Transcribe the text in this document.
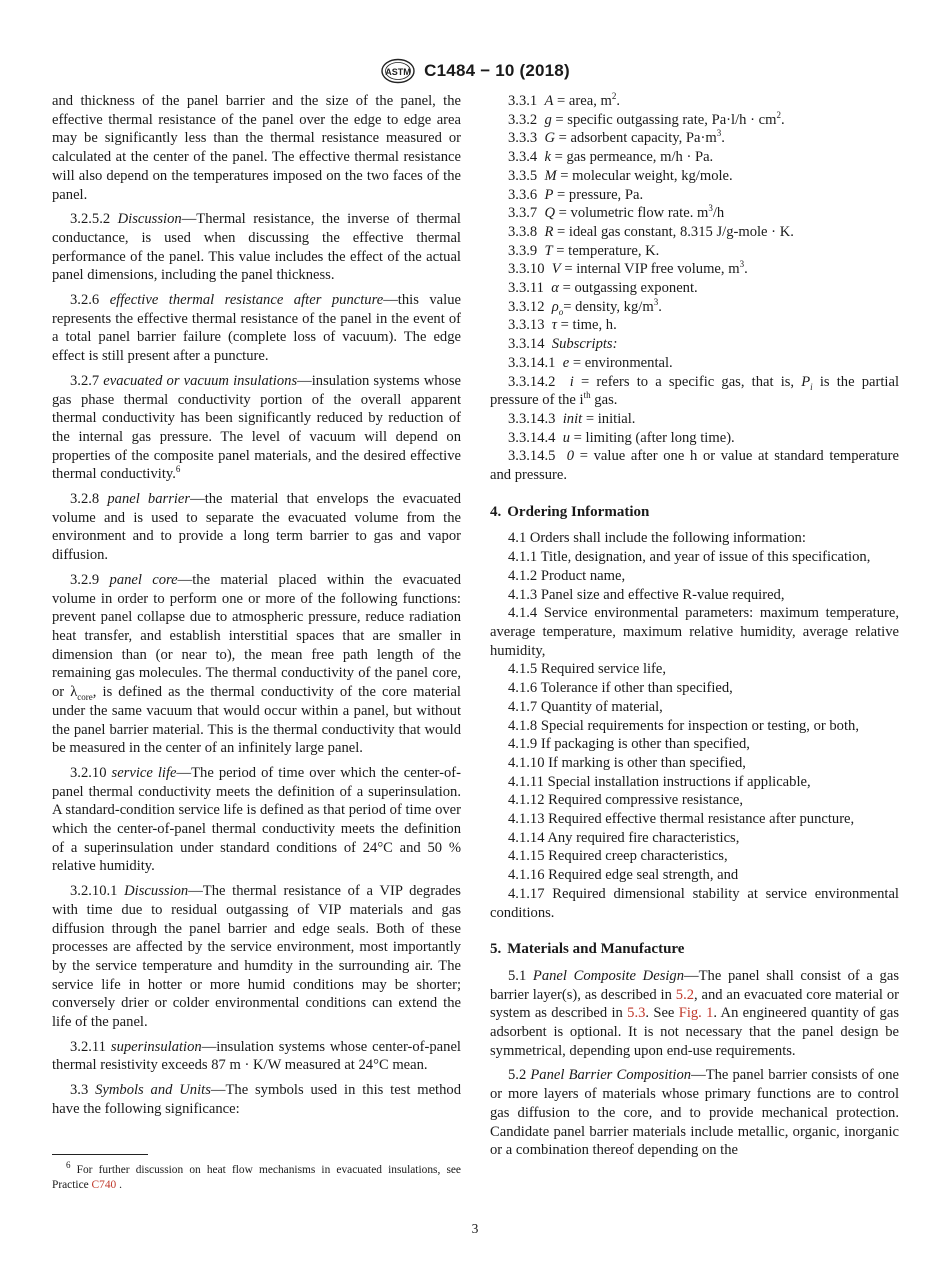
ASTM C1484 − 10 (2018)

and thickness of the panel barrier and the size of the panel, the effective thermal resistance of the panel over the edge to edge area may be significantly less than the thermal resistance measured or calculated at the center of the panel. The effective thermal resistance will also depend on the temperatures imposed on the two faces of the panel.

3.2.5.2 Discussion—Thermal resistance, the inverse of thermal conductance, is used when discussing the effective thermal performance of the panel. This value includes the effect of the actual panel dimensions, including the panel thickness.

3.2.6 effective thermal resistance after puncture—this value represents the effective thermal resistance of the panel in the event of a total panel barrier failure (complete loss of vacuum). The edge effect is still present after a puncture.

3.2.7 evacuated or vacuum insulations—insulation systems whose gas phase thermal conductivity portion of the overall apparent thermal conductivity has been significantly reduced by reduction of the internal gas pressure. The level of vacuum will depend on properties of the composite panel materials, and the desired effective thermal conductivity.$^6$

3.2.8 panel barrier—the material that envelops the evacuated volume and is used to separate the evacuated volume from the environment and to provide a long term barrier to gas and vapor diffusion.

3.2.9 panel core—the material placed within the evacuated volume in order to perform one or more of the following functions: prevent panel collapse due to atmospheric pressure, reduce radiation heat transfer, and establish interstitial spaces that are smaller in dimension than (or near to), the mean free path length of the remaining gas molecules. The thermal conductivity of the panel core, or $\lambda_{core}$, is defined as the thermal conductivity of the core material under the same vacuum that would occur within a panel, but without the panel barrier material. This is the thermal conductivity that would be measured in the center of an infinitely large panel.

3.2.10 service life—The period of time over which the center-of-panel thermal conductivity meets the definition of a superinsulation. A standard-condition service life is defined as that period of time over which the center-of-panel thermal conductivity meets the definition of a superinsulation under standard conditions of 24°C and 50 % relative humidity.

3.2.10.1 Discussion—The thermal resistance of a VIP degrades with time due to residual outgassing of VIP materials and gas diffusion through the panel barrier and edge seals. Both of these processes are affected by the service environment, most importantly by the service temperature and humdity in the surrounding air. The service life in hotter or more humid conditions may be shorter; conversely drier or colder environmental conditions can extend the life of the panel.

3.2.11 superinsulation—insulation systems whose center-of-panel thermal resistivity exceeds 87 m · K/W measured at 24°C mean.

3.3 Symbols and Units—The symbols used in this test method have the following significance:

$^6$ For further discussion on heat flow mechanisms in evacuated insulations, see Practice C740 .

3.3.1 A = area, $m^2$.

3.3.2 g = specific outgassing rate, $Pa\cdot l/h \cdot cm^2$.

3.3.3 G = adsorbent capacity, $Pa\cdot m^3$.

3.3.4 k = gas permeance, m/h · Pa.

3.3.5 M = molecular weight, kg/mole.

3.3.6 P = pressure, Pa.

3.3.7 Q = volumetric flow rate. $m^3/h$

3.3.8 R = ideal gas constant, 8.315 J/g-mole · K.

3.3.9 T = temperature, K.

3.3.10 V = internal VIP free volume, $m^3$.

3.3.11 α = outgassing exponent.

3.3.12 $\rho_o=$ density, $kg/m^3$.

3.3.13 τ = time, h.

3.3.14 Subscripts:

3.3.14.1 e = environmental.

3.3.14.2 i = refers to a specific gas, that is, $P_i$ is the partial pressure of the $i^{th}$ gas.

3.3.14.3 init = initial.

3.3.14.4 u = limiting (after long time).

3.3.14.5 0 = value after one h or value at standard temperature and pressure.

4. Ordering Information

4.1 Orders shall include the following information:

4.1.1 Title, designation, and year of issue of this specification,

4.1.2 Product name,

4.1.3 Panel size and effective R-value required,

4.1.4 Service environmental parameters: maximum temperature, average temperature, maximum relative humidity, average relative humidity,

4.1.5 Required service life,

4.1.6 Tolerance if other than specified,

4.1.7 Quantity of material,

4.1.8 Special requirements for inspection or testing, or both,

4.1.9 If packaging is other than specified,

4.1.10 If marking is other than specified,

4.1.11 Special installation instructions if applicable,

4.1.12 Required compressive resistance,

4.1.13 Required effective thermal resistance after puncture,

4.1.14 Any required fire characteristics,

4.1.15 Required creep characteristics,

4.1.16 Required edge seal strength, and

4.1.17 Required dimensional stability at service environmental conditions.

5. Materials and Manufacture

5.1 Panel Composite Design—The panel shall consist of a gas barrier layer(s), as described in 5.2, and an evacuated core material or system as described in 5.3. See Fig. 1. An engineered quantity of gas adsorbent is optional. It is not necessary that the panel design be symmetrical, depending upon end-use requirements.

5.2 Panel Barrier Composition—The panel barrier consists of one or more layers of materials whose primary functions are to control gas diffusion to the core, and to provide mechanical protection. Candidate panel barrier materials include metallic, organic, inorganic or a combination thereof depending on the

3
